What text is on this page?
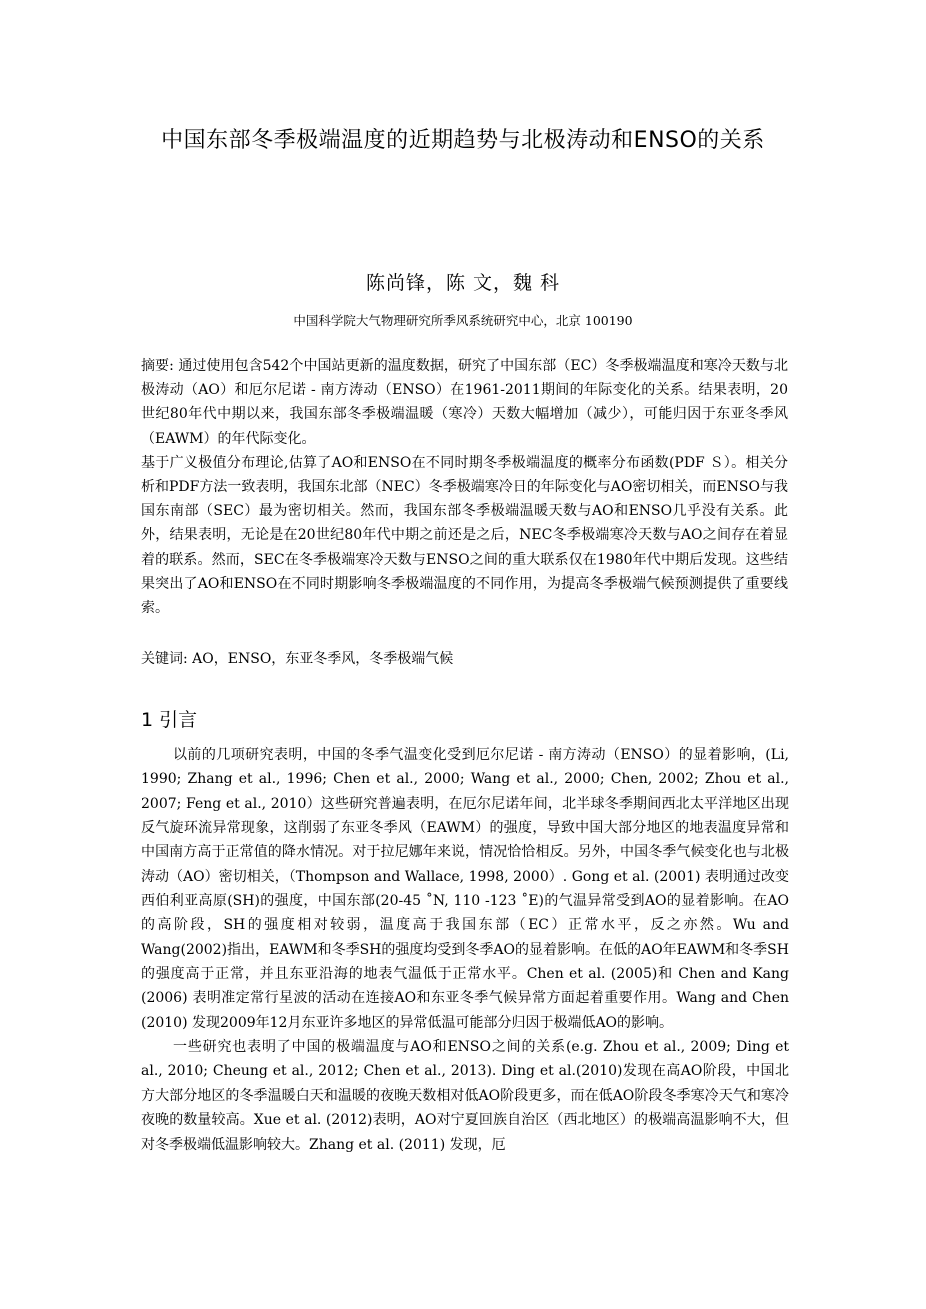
中国东部冬季极端温度的近期趋势与北极涛动和ENSO的关系
陈尚锋，陈 文，魏 科
中国科学院大气物理研究所季风系统研究中心，北京 100190

摘要: 通过使用包含542个中国站更新的温度数据，研究了中国东部（EC）冬季极端温度和寒冷天数与北极涛动（AO）和厄尔尼诺 - 南方涛动（ENSO）在1961-2011期间的年际变化的关系。结果表明，20世纪80年代中期以来，我国东部冬季极端温暖（寒冷）天数大幅增加（减少），可能归因于东亚冬季风（EAWM）的年代际变化。

基于广义极值分布理论,估算了AO和ENSO在不同时期冬季极端温度的概率分布函数(PDF Ｓ）。相关分析和PDF方法一致表明，我国东北部（NEC）冬季极端寒冷日的年际变化与AO密切相关，而ENSO与我国东南部（SEC）最为密切相关。然而，我国东部冬季极端温暖天数与AO和ENSO几乎没有关系。此外，结果表明，无论是在20世纪80年代中期之前还是之后，NEC冬季极端寒冷天数与AO之间存在着显着的联系。然而，SEC在冬季极端寒冷天数与ENSO之间的重大联系仅在1980年代中期后发现。这些结果突出了AO和ENSO在不同时期影响冬季极端温度的不同作用，为提高冬季极端气候预测提供了重要线索。

关键词: AO，ENSO，东亚冬季风，冬季极端气候
1 引言

以前的几项研究表明，中国的冬季气温变化受到厄尔尼诺 - 南方涛动（ENSO）的显着影响，(Li, 1990; Zhang et al., 1996; Chen et al., 2000; Wang et al., 2000; Chen, 2002; Zhou et al., 2007; Feng et al., 2010）这些研究普遍表明，在厄尔尼诺年间，北半球冬季期间西北太平洋地区出现反气旋环流异常现象，这削弱了东亚冬季风（EAWM）的强度，导致中国大部分地区的地表温度异常和中国南方高于正常值的降水情况。对于拉尼娜年来说，情况恰恰相反。另外，中国冬季气候变化也与北极涛动（AO）密切相关，（Thompson and Wallace, 1998, 2000）. Gong et al. (2001) 表明通过改变西伯利亚高原(SH)的强度，中国东部(20-45 ˚N, 110 -123 ˚E)的气温异常受到AO的显着影响。在AO的高阶段，SH的强度相对较弱，温度高于我国东部（EC）正常水平，反之亦然。Wu and Wang(2002)指出，EAWM和冬季SH的强度均受到冬季AO的显着影响。在低的AO年EAWM和冬季SH的强度高于正常，并且东亚沿海的地表气温低于正常水平。Chen et al. (2005)和 Chen and Kang (2006) 表明准定常行星波的活动在连接AO和东亚冬季气候异常方面起着重要作用。Wang and Chen (2010) 发现2009年12月东亚许多地区的异常低温可能部分归因于极端低AO的影响。

一些研究也表明了中国的极端温度与AO和ENSO之间的关系(e.g. Zhou et al., 2009; Ding et al., 2010; Cheung et al., 2012; Chen et al., 2013). Ding et al.(2010)发现在高AO阶段，中国北方大部分地区的冬季温暖白天和温暖的夜晚天数相对低AO阶段更多，而在低AO阶段冬季寒冷天气和寒冷夜晚的数量较高。Xue et al. (2012)表明，AO对宁夏回族自治区（西北地区）的极端高温影响不大，但对冬季极端低温影响较大。Zhang et al. (2011) 发现，厄
